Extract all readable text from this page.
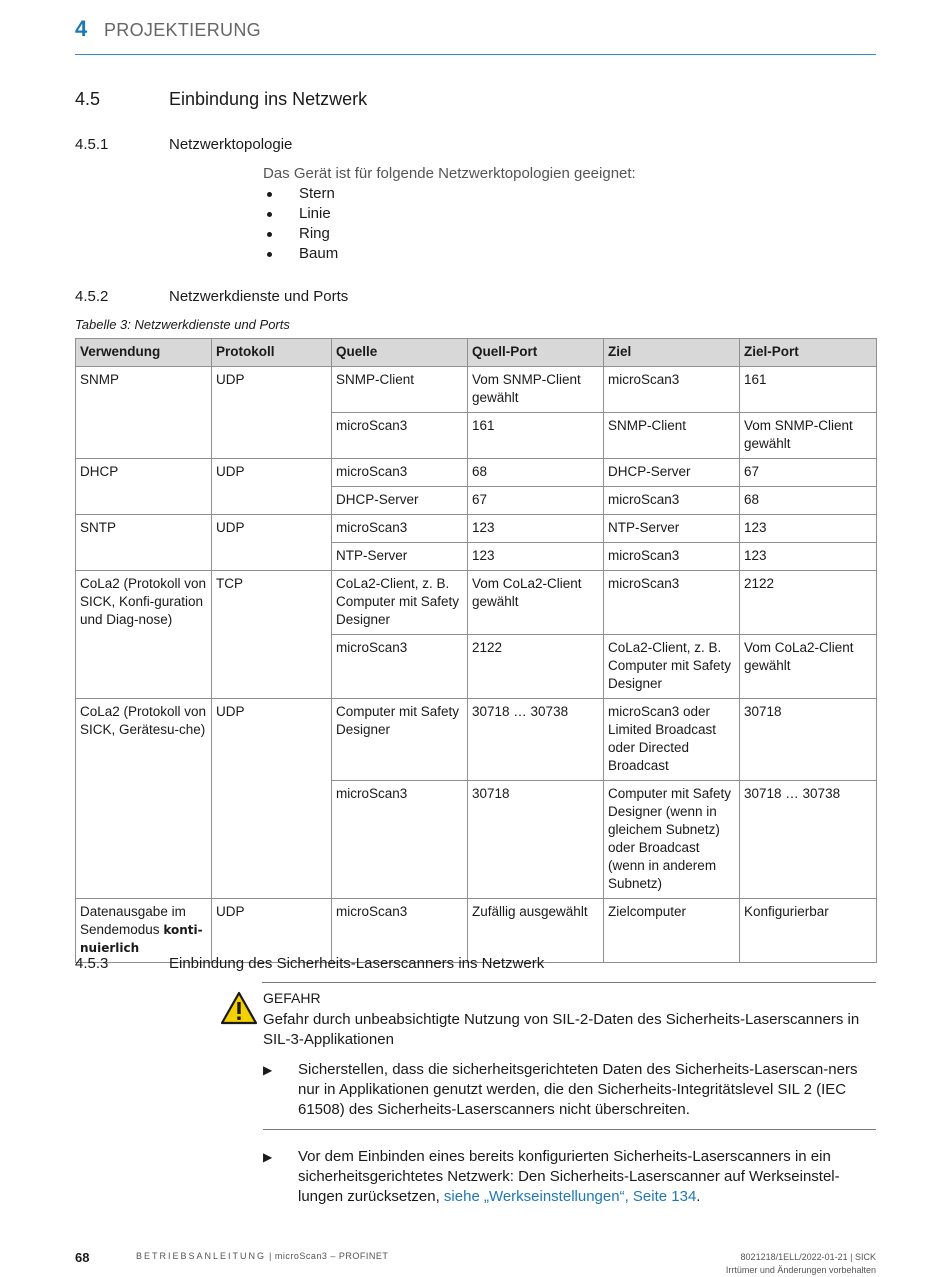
4 PROJEKTIERUNG
4.5	Einbindung ins Netzwerk
4.5.1	Netzwerktopologie
Das Gerät ist für folgende Netzwerktopologien geeignet:
Stern
Linie
Ring
Baum
4.5.2	Netzwerkdienste und Ports
Tabelle 3: Netzwerkdienste und Ports
Verwendung	Protokoll	Quelle	Quell-Port	Ziel	Ziel-Port
SNMP	UDP	SNMP-Client	Vom SNMP-Client gewählt	microScan3	161
		microScan3	161	SNMP-Client	Vom SNMP-Client gewählt
DHCP	UDP	microScan3	68	DHCP-Server	67
		DHCP-Server	67	microScan3	68
SNTP	UDP	microScan3	123	NTP-Server	123
		NTP-Server	123	microScan3	123
CoLa2 (Protokoll von SICK, Konfi-guration und Diag-nose)	TCP	CoLa2-Client, z. B. Computer mit Safety Designer	Vom CoLa2-Client gewählt	microScan3	2122
		microScan3	2122	CoLa2-Client, z. B. Computer mit Safety Designer	Vom CoLa2-Client gewählt
CoLa2 (Protokoll von SICK, Gerätesu-che)	UDP	Computer mit Safety Designer	30718 … 30738	microScan3 oder Limited Broadcast oder Directed Broadcast	30718
		microScan3	30718	Computer mit Safety Designer (wenn in gleichem Subnetz) oder Broadcast (wenn in anderem Subnetz)	30718 … 30738
Datenausgabe im Sendemodus konti-nuierlich	UDP	microScan3	Zufällig ausgewählt	Zielcomputer	Konfigurierbar
4.5.3	Einbindung des Sicherheits-Laserscanners ins Netzwerk
GEFAHR
Gefahr durch unbeabsichtigte Nutzung von SIL-2-Daten des Sicherheits-Laserscanners in SIL-3-Applikationen
▶ Sicherstellen, dass die sicherheitsgerichteten Daten des Sicherheits-Laserscan-ners nur in Applikationen genutzt werden, die den Sicherheits-Integritätslevel SIL 2 (IEC 61508) des Sicherheits-Laserscanners nicht überschreiten.
▶ Vor dem Einbinden eines bereits konfigurierten Sicherheits-Laserscanners in ein sicherheitsgerichtetes Netzwerk: Den Sicherheits-Laserscanner auf Werkseinstel-lungen zurücksetzen, siehe „Werkseinstellungen“, Seite 134.
68	BETRIEBSANLEITUNG | microScan3 – PROFINET	8021218/1ELL/2022-01-21 | SICK
Irrtümer und Änderungen vorbehalten
